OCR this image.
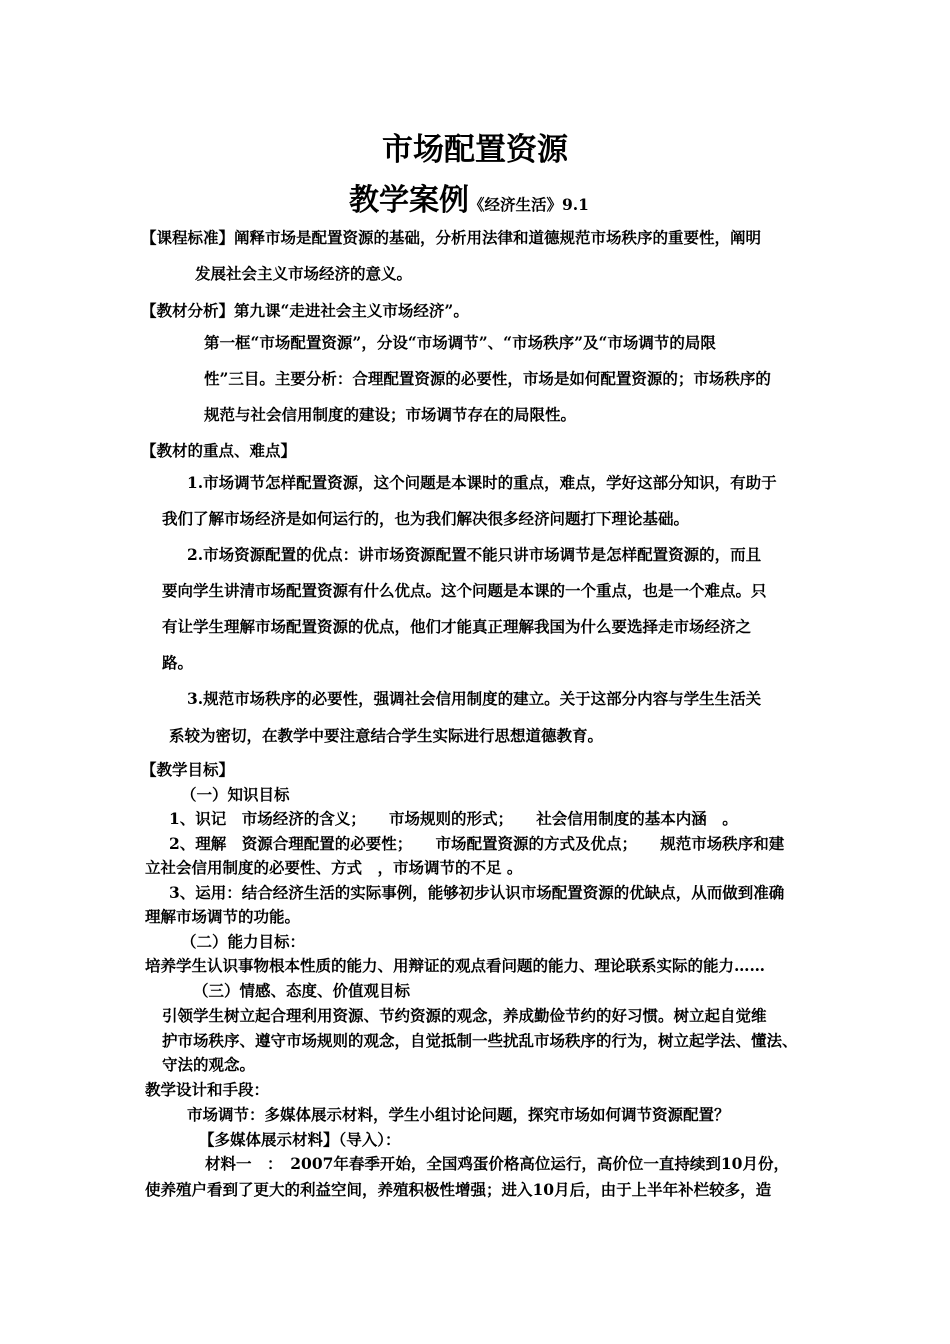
市场配置资源
教学案例《经济生活》9.1
【课程标准】阐释市场是配置资源的基础，分析用法律和道德规范市场秩序的重要性，阐明
发展社会主义市场经济的意义。
【教材分析】第九课“走进社会主义市场经济”。
第一框“市场配置资源”，分设“市场调节”、“市场秩序”及“市场调节的局限
性”三目。主要分析：合理配置资源的必要性，市场是如何配置资源的；市场秩序的
规范与社会信用制度的建设；市场调节存在的局限性。
【教材的重点、难点】
1.市场调节怎样配置资源，这个问题是本课时的重点，难点，学好这部分知识，有助于
我们了解市场经济是如何运行的，也为我们解决很多经济问题打下理论基础。
2.市场资源配置的优点：讲市场资源配置不能只讲市场调节是怎样配置资源的，而且
要向学生讲清市场配置资源有什么优点。这个问题是本课的一个重点，也是一个难点。只
有让学生理解市场配置资源的优点，他们才能真正理解我国为什么要选择走市场经济之
路。
3.规范市场秩序的必要性，强调社会信用制度的建立。关于这部分内容与学生生活关
系较为密切，在教学中要注意结合学生实际进行思想道德教育。
【教学目标】
（一）知识目标
1、识记　市场经济的含义；　　市场规则的形式；　　社会信用制度的基本内涵　。
2、理解　资源合理配置的必要性；　　市场配置资源的方式及优点；　　规范市场秩序和建
立社会信用制度的必要性、方式　，市场调节的不足 。
3、运用：结合经济生活的实际事例，能够初步认识市场配置资源的优缺点，从而做到准确
理解市场调节的功能。
（二）能力目标：
培养学生认识事物根本性质的能力、用辩证的观点看问题的能力、理论联系实际的能力……
（三）情感、态度、价值观目标
引领学生树立起合理利用资源、节约资源的观念，养成勤俭节约的好习惯。树立起自觉维
护市场秩序、遵守市场规则的观念，自觉抵制一些扰乱市场秩序的行为，树立起学法、懂法、
守法的观念。
教学设计和手段：
市场调节：多媒体展示材料，学生小组讨论问题，探究市场如何调节资源配置？
【多媒体展示材料】（导入）：
材料一　：　2007年春季开始，全国鸡蛋价格高位运行，高价位一直持续到10月份，
使养殖户看到了更大的利益空间，养殖积极性增强；进入10月后，由于上半年补栏较多，造
